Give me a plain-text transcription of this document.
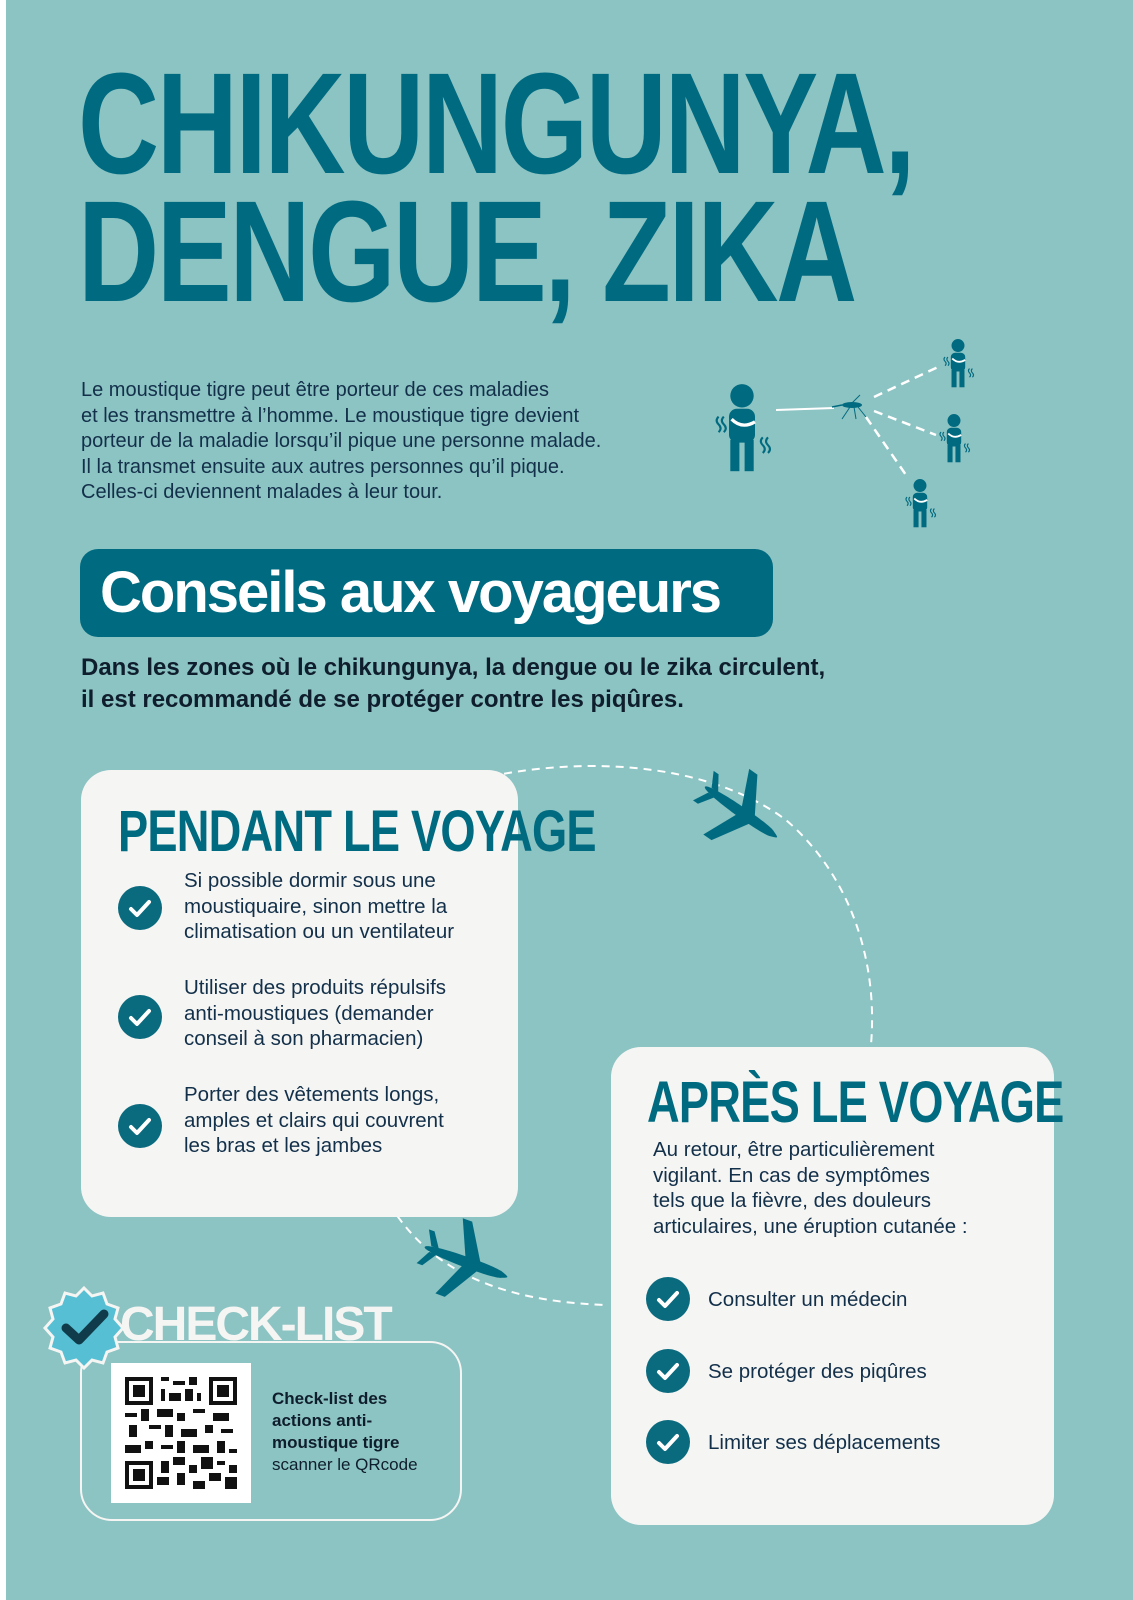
CHIKUNGUNYA,
DENGUE, ZIKA

Le moustique tigre peut être porteur de ces maladies

et les transmettre à l’homme. Le moustique tigre devient

porteur de la maladie lorsqu’il pique une personne malade.

Il la transmet ensuite aux autres personnes qu’il pique.

Celles-ci deviennent malades à leur tour.

Conseils aux voyageurs

Dans les zones où le chikungunya, la dengue ou le zika circulent,

il est recommandé de se protéger contre les piqûres.

PENDANT LE VOYAGE

Si possible dormir sous une

moustiquaire, sinon mettre la

climatisation ou un ventilateur

Utiliser des produits répulsifs

anti-moustiques (demander

conseil à son pharmacien)

Porter des vêtements longs,

amples et clairs qui couvrent

les bras et les jambes

APRÈS LE VOYAGE

Au retour, être particulièrement

vigilant. En cas de symptômes

tels que la fièvre, des douleurs

articulaires, une éruption cutanée :

Consulter un médecin
Se protéger des piqûres
Limiter ses déplacements
CHECK-LIST

Check-list des

actions anti-

moustique tigre

scanner le QRcode
